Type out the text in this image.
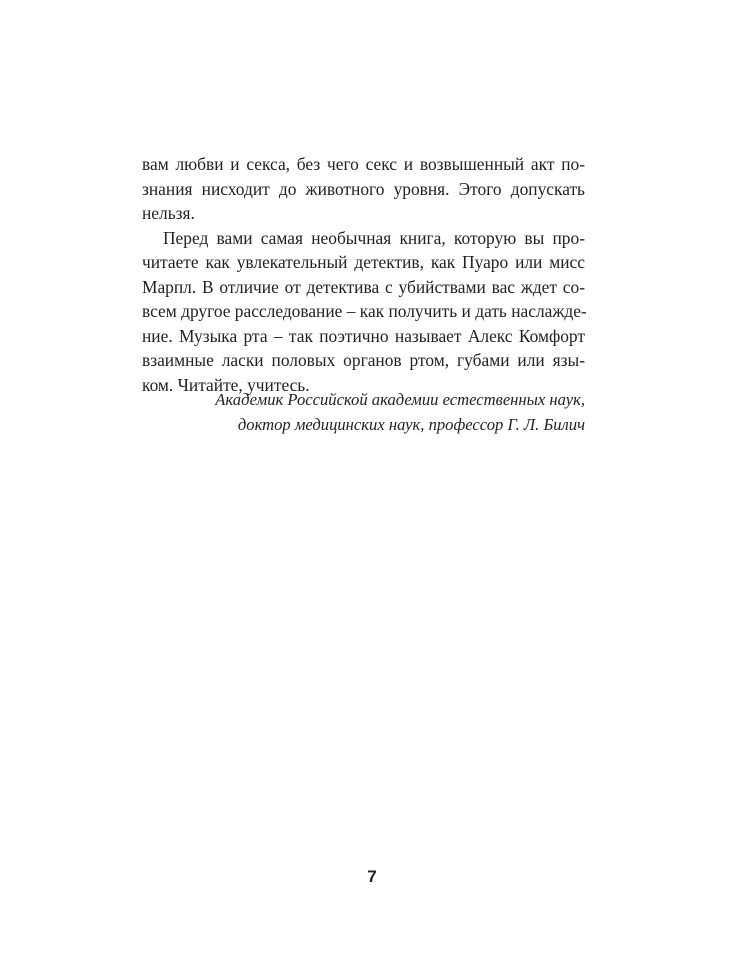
вам любви и секса, без чего секс и возвышенный акт по-
знания нисходит до животного уровня. Этого допускать
нельзя.
Перед вами самая необычная книга, которую вы про-
читаете как увлекательный детектив, как Пуаро или мисс
Марпл. В отличие от детектива с убийствами вас ждет со-
всем другое расследование – как получить и дать наслажде-
ние. Музыка рта – так поэтично называет Алекс Комфорт
взаимные ласки половых органов ртом, губами или язы-
ком. Читайте, учитесь.
Академик Российской академии естественных наук,
доктор медицинских наук, профессор Г. Л. Билич
7
